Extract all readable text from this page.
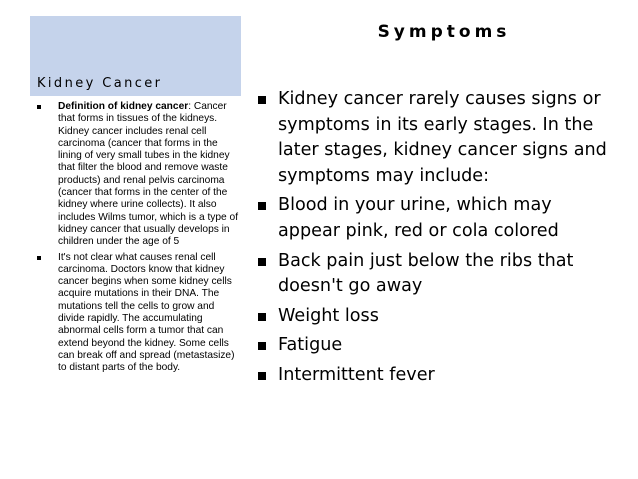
Kidney Cancer
Definition of kidney cancer: Cancer that forms in tissues of the kidneys. Kidney cancer includes renal cell carcinoma (cancer that forms in the lining of very small tubes in the kidney that filter the blood and remove waste products) and renal pelvis carcinoma (cancer that forms in the center of the kidney where urine collects). It also includes Wilms tumor, which is a type of kidney cancer that usually develops in children under the age of 5
It's not clear what causes renal cell carcinoma. Doctors know that kidney cancer begins when some kidney cells acquire mutations in their DNA. The mutations tell the cells to grow and divide rapidly. The accumulating abnormal cells form a tumor that can extend beyond the kidney. Some cells can break off and spread (metastasize) to distant parts of the body.
Symptoms
Kidney cancer rarely causes signs or symptoms in its early stages. In the later stages, kidney cancer signs and symptoms may include:
Blood in your urine, which may appear pink, red or cola colored
Back pain just below the ribs that doesn't go away
Weight loss
Fatigue
Intermittent fever
